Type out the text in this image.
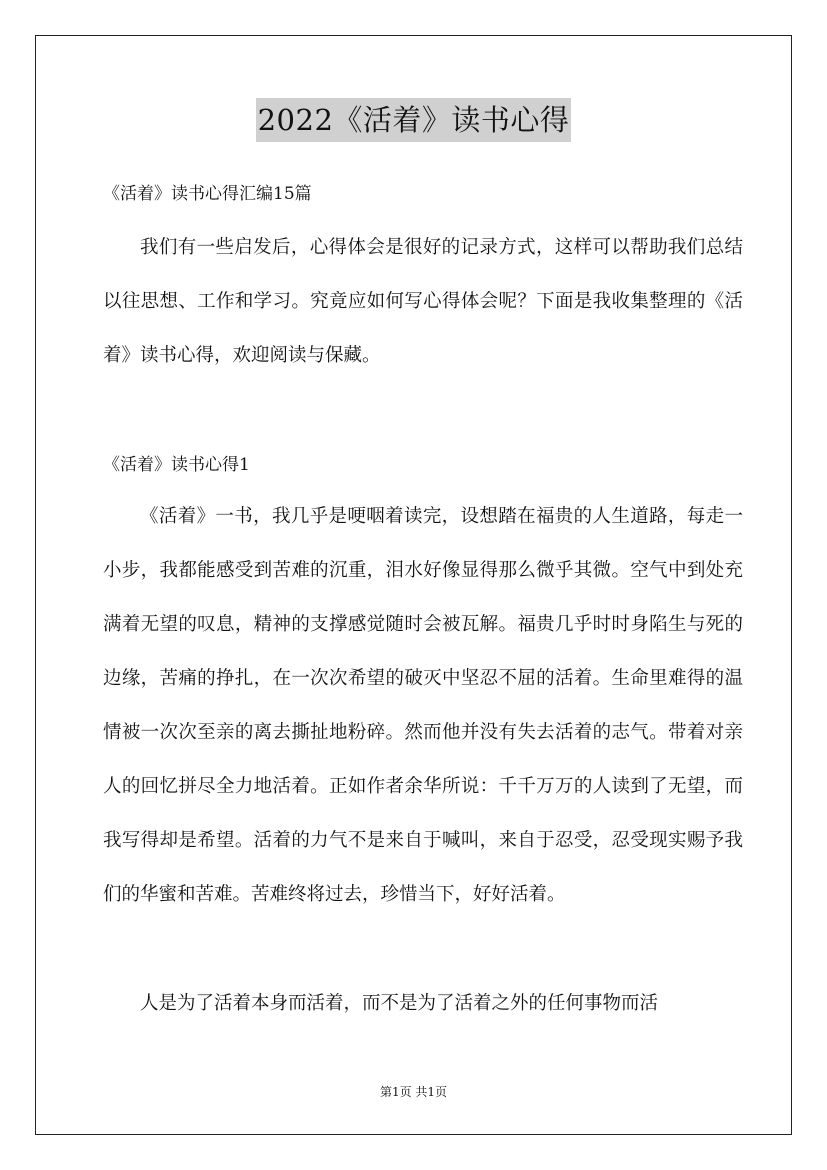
2022《活着》读书心得
《活着》读书心得汇编15篇

我们有一些启发后，心得体会是很好的记录方式，这样可以帮助我们总结以往思想、工作和学习。究竟应如何写心得体会呢？下面是我收集整理的《活着》读书心得，欢迎阅读与保藏。

《活着》读书心得1

《活着》一书，我几乎是哽咽着读完，设想踏在福贵的人生道路，每走一小步，我都能感受到苦难的沉重，泪水好像显得那么微乎其微。空气中到处充满着无望的叹息，精神的支撑感觉随时会被瓦解。福贵几乎时时身陷生与死的边缘，苦痛的挣扎，在一次次希望的破灭中坚忍不屈的活着。生命里难得的温情被一次次至亲的离去撕扯地粉碎。然而他并没有失去活着的志气。带着对亲人的回忆拼尽全力地活着。正如作者余华所说：千千万万的人读到了无望，而我写得却是希望。活着的力气不是来自于喊叫，来自于忍受，忍受现实赐予我们的华蜜和苦难。苦难终将过去，珍惜当下，好好活着。

人是为了活着本身而活着，而不是为了活着之外的任何事物而活

第1页 共1页
